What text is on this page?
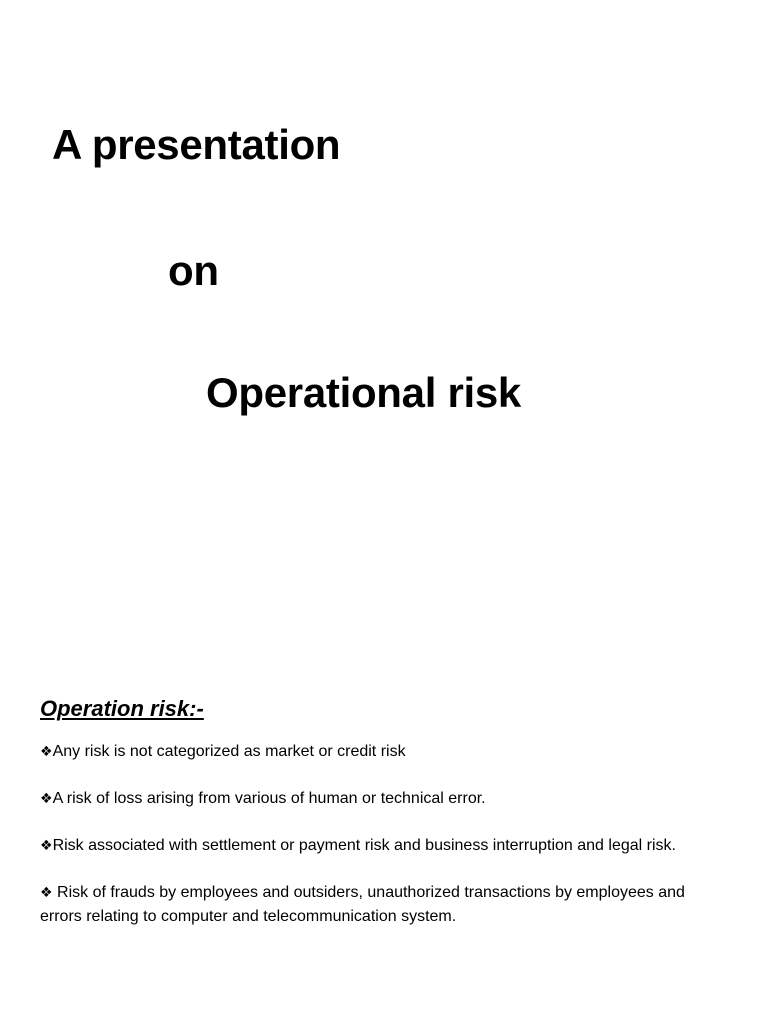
A presentation
on
Operational risk
Operation risk:-
❖Any risk is not categorized as market or credit risk
❖A risk of loss arising from various of human or technical error.
❖Risk associated with settlement or payment risk and business interruption and legal risk.
❖ Risk of frauds by employees and outsiders, unauthorized transactions by employees and errors relating to computer and telecommunication system.
